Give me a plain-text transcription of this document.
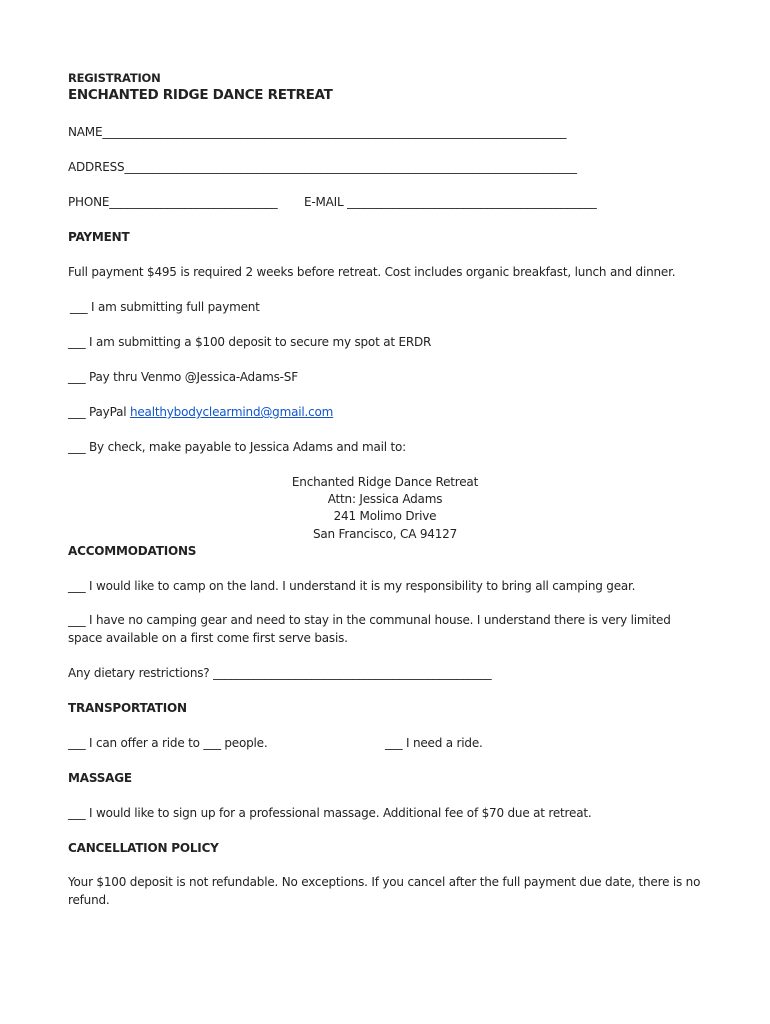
REGISTRATION
ENCHANTED RIDGE DANCE RETREAT
NAME________________________________________________________________________________
ADDRESS______________________________________________________________________________
PHONE_____________________________ E-MAIL ___________________________________________
PAYMENT
Full payment $495 is required 2 weeks before retreat. Cost includes organic breakfast, lunch and dinner.
___ I am submitting full payment
___ I am submitting a $100 deposit to secure my spot at ERDR
___ Pay thru Venmo @Jessica-Adams-SF
___ PayPal healthybodyclearmind@gmail.com
___ By check, make payable to Jessica Adams and mail to:
Enchanted Ridge Dance Retreat
Attn: Jessica Adams
241 Molimo Drive
San Francisco, CA 94127
ACCOMMODATIONS
___ I would like to camp on the land. I understand it is my responsibility to bring all camping gear.
___ I have no camping gear and need to stay in the communal house. I understand there is very limited space available on a first come first serve basis.
Any dietary restrictions? ________________________________________________
TRANSPORTATION
___ I can offer a ride to ___ people.	___ I need a ride.
MASSAGE
___ I would like to sign up for a professional massage. Additional fee of $70 due at retreat.
CANCELLATION POLICY
Your $100 deposit is not refundable. No exceptions. If you cancel after the full payment due date, there is no refund.
